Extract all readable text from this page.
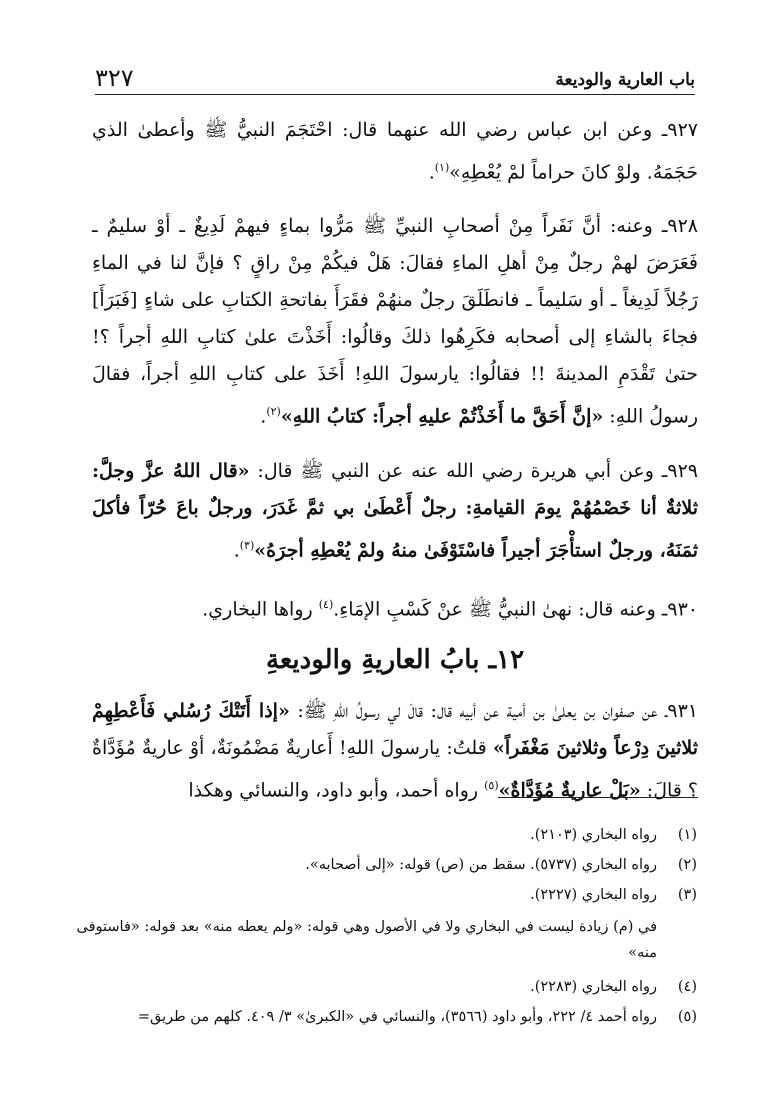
باب العارية والوديعة
٣٢٧

٩٢٧ـ وعن ابن عباس رضي الله عنهما قال: احْتَجَمَ النبيُّ ﷺ وأعطىٰ الذي حَجَمَهُ. ولوْ كانَ حراماً لمْ يُعْطِهِ»$^{(١)}$.

٩٢٨ـ وعنه: أنَّ نَفَراً مِنْ أصحابِ النبيِّ ﷺ مَرُّوا بماءٍ فيهمْ لَدِيغٌ ـ أوْ سليمٌ ـ فَعَرَضَ لهمْ رجلٌ مِنْ أهلِ الماءِ فقالَ: هَلْ فيكُمْ مِنْ راقٍ ؟ فإنَّ لنا في الماءِ رَجُلاً لَدِيغاً ـ أو سَليماً ـ فانطَلَقَ رجلٌ منهُمْ فقَرَأَ بفاتحةِ الكتابِ على شاءٍ [فَبَرَأَ] فجاءَ بالشاءِ إلى أصحابه فكَرِهُوا ذلكَ وقالُوا: أَخَذْتَ علىٰ كتابِ اللهِ أجراً ؟! حتىٰ تَقْدَمِ المدينةَ !! فقالُوا: يارسولَ اللهِ! أَخَذَ على كتابِ اللهِ أجراً، فقالَ رسولُ اللهِ: «إنَّ أَحَقَّ ما أَخَذْتُمْ عليهِ أجراً: كتابُ اللهِ»$^{(٢)}$.

٩٢٩ـ وعن أبي هريرة رضي الله عنه عن النبي ﷺ قال: «قال اللهُ عزَّ وجلَّ: ثلاثةٌ أنا خَصْمُهُمْ يومَ القيامةِ: رجلٌ أَعْطَىٰ بي ثمَّ غَدَرَ، ورجلٌ باعَ حُرّاً فأكلَ ثمَنَهُ، ورجلٌ استأْجَرَ أجيراً فاسْتَوْفَىٰ منهُ ولمْ يُعْطِهِ أجرَهُ»$^{(٣)}$.

٩٣٠ـ وعنه قال: نهىٰ النبيُّ ﷺ عنْ كَسْبِ الإمَاءِ.$^{(٤)}$ رواها البخاري.

١٢ـ بابُ العاريةِ والوديعةِ

٩٣١ـ عن صفوان بن يعلىٰ بن أمية عن أبيه قال: قالَ لي رسولُ اللهِ ﷺ: «إذا أَتَتْكَ رُسُلي فَأَعْطِهِمْ ثلاثينَ دِرْعاً وثلاثينَ مَغْفَراً» قلتُ: يارسولَ اللهِ! أَعاريةٌ مَضْمُونَةٌ، أوْ عاريةٌ مُؤَدَّاةٌ ؟ قالَ: «بَلْ عاريةٌ مُؤَدَّاةٌ»$^{(٥)}$ رواه أحمد، وأبو داود، والنسائي وهكذا

(١)
رواه البخاري (٢١٠٣).
(٢)
رواه البخاري (٥٧٣٧). سقط من (ص) قوله: «إلى أصحابه».
(٣)
رواه البخاري (٢٢٢٧).
في (م) زيادة ليست في البخاري ولا في الأصول وهي قوله: «ولم يعطه منه» بعد قوله: «فاستوفى منه»
(٤)
رواه البخاري (٢٢٨٣).
(٥)
رواه أحمد ٤/ ٢٢٢، وأبو داود (٣٥٦٦)، والنسائي في «الكبرىٰ» ٣/ ٤٠٩. كلهم من طريق=
